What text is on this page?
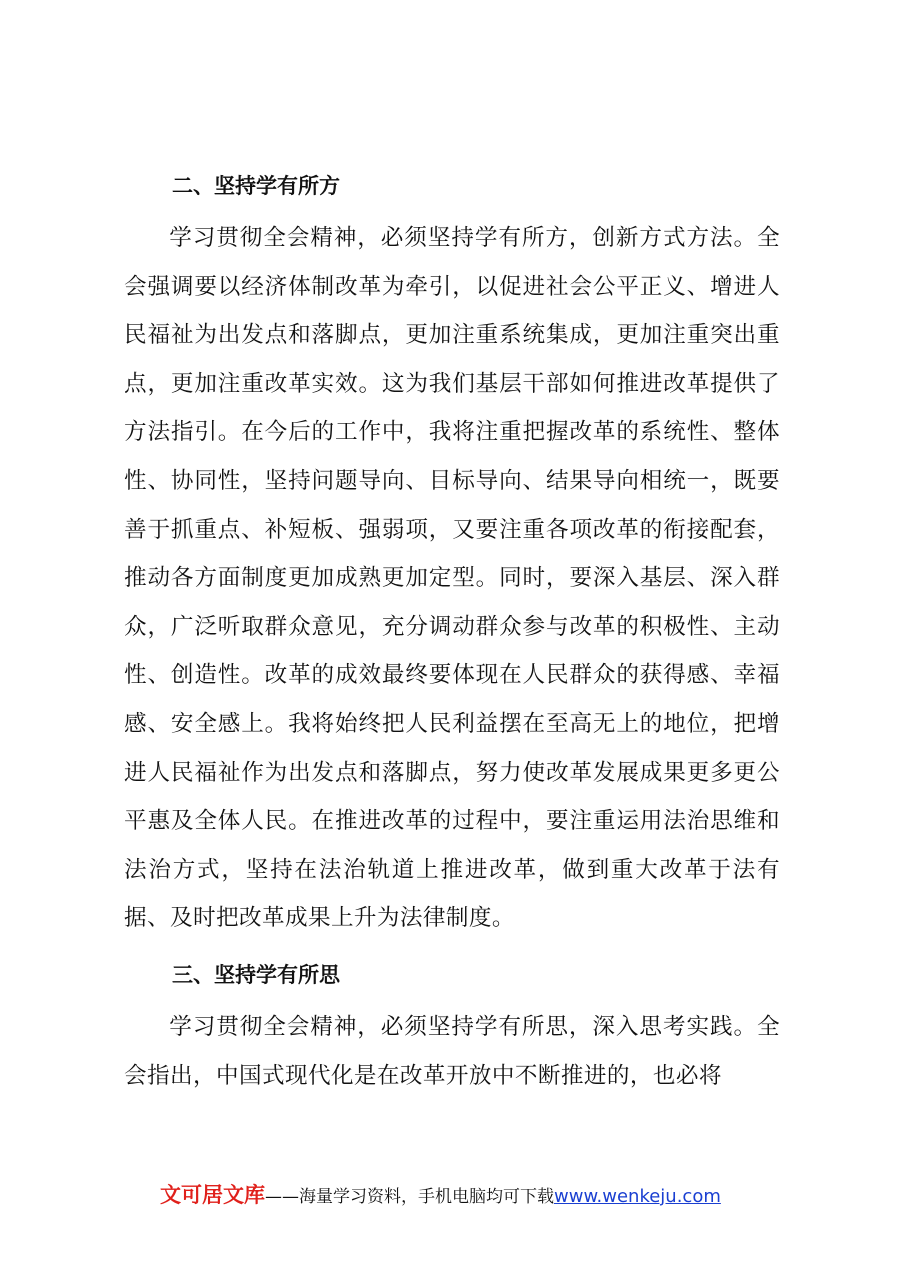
二、坚持学有所方

学习贯彻全会精神，必须坚持学有所方，创新方式方法。全会强调要以经济体制改革为牵引，以促进社会公平正义、增进人民福祉为出发点和落脚点，更加注重系统集成，更加注重突出重点，更加注重改革实效。这为我们基层干部如何推进改革提供了方法指引。在今后的工作中，我将注重把握改革的系统性、整体性、协同性，坚持问题导向、目标导向、结果导向相统一，既要善于抓重点、补短板、强弱项，又要注重各项改革的衔接配套，推动各方面制度更加成熟更加定型。同时，要深入基层、深入群众，广泛听取群众意见，充分调动群众参与改革的积极性、主动性、创造性。改革的成效最终要体现在人民群众的获得感、幸福感、安全感上。我将始终把人民利益摆在至高无上的地位，把增进人民福祉作为出发点和落脚点，努力使改革发展成果更多更公平惠及全体人民。在推进改革的过程中，要注重运用法治思维和法治方式，坚持在法治轨道上推进改革，做到重大改革于法有据、及时把改革成果上升为法律制度。

三、坚持学有所思

学习贯彻全会精神，必须坚持学有所思，深入思考实践。全会指出，中国式现代化是在改革开放中不断推进的，也必将

文可居文库——海量学习资料，手机电脑均可下载www.wenkeju.com
